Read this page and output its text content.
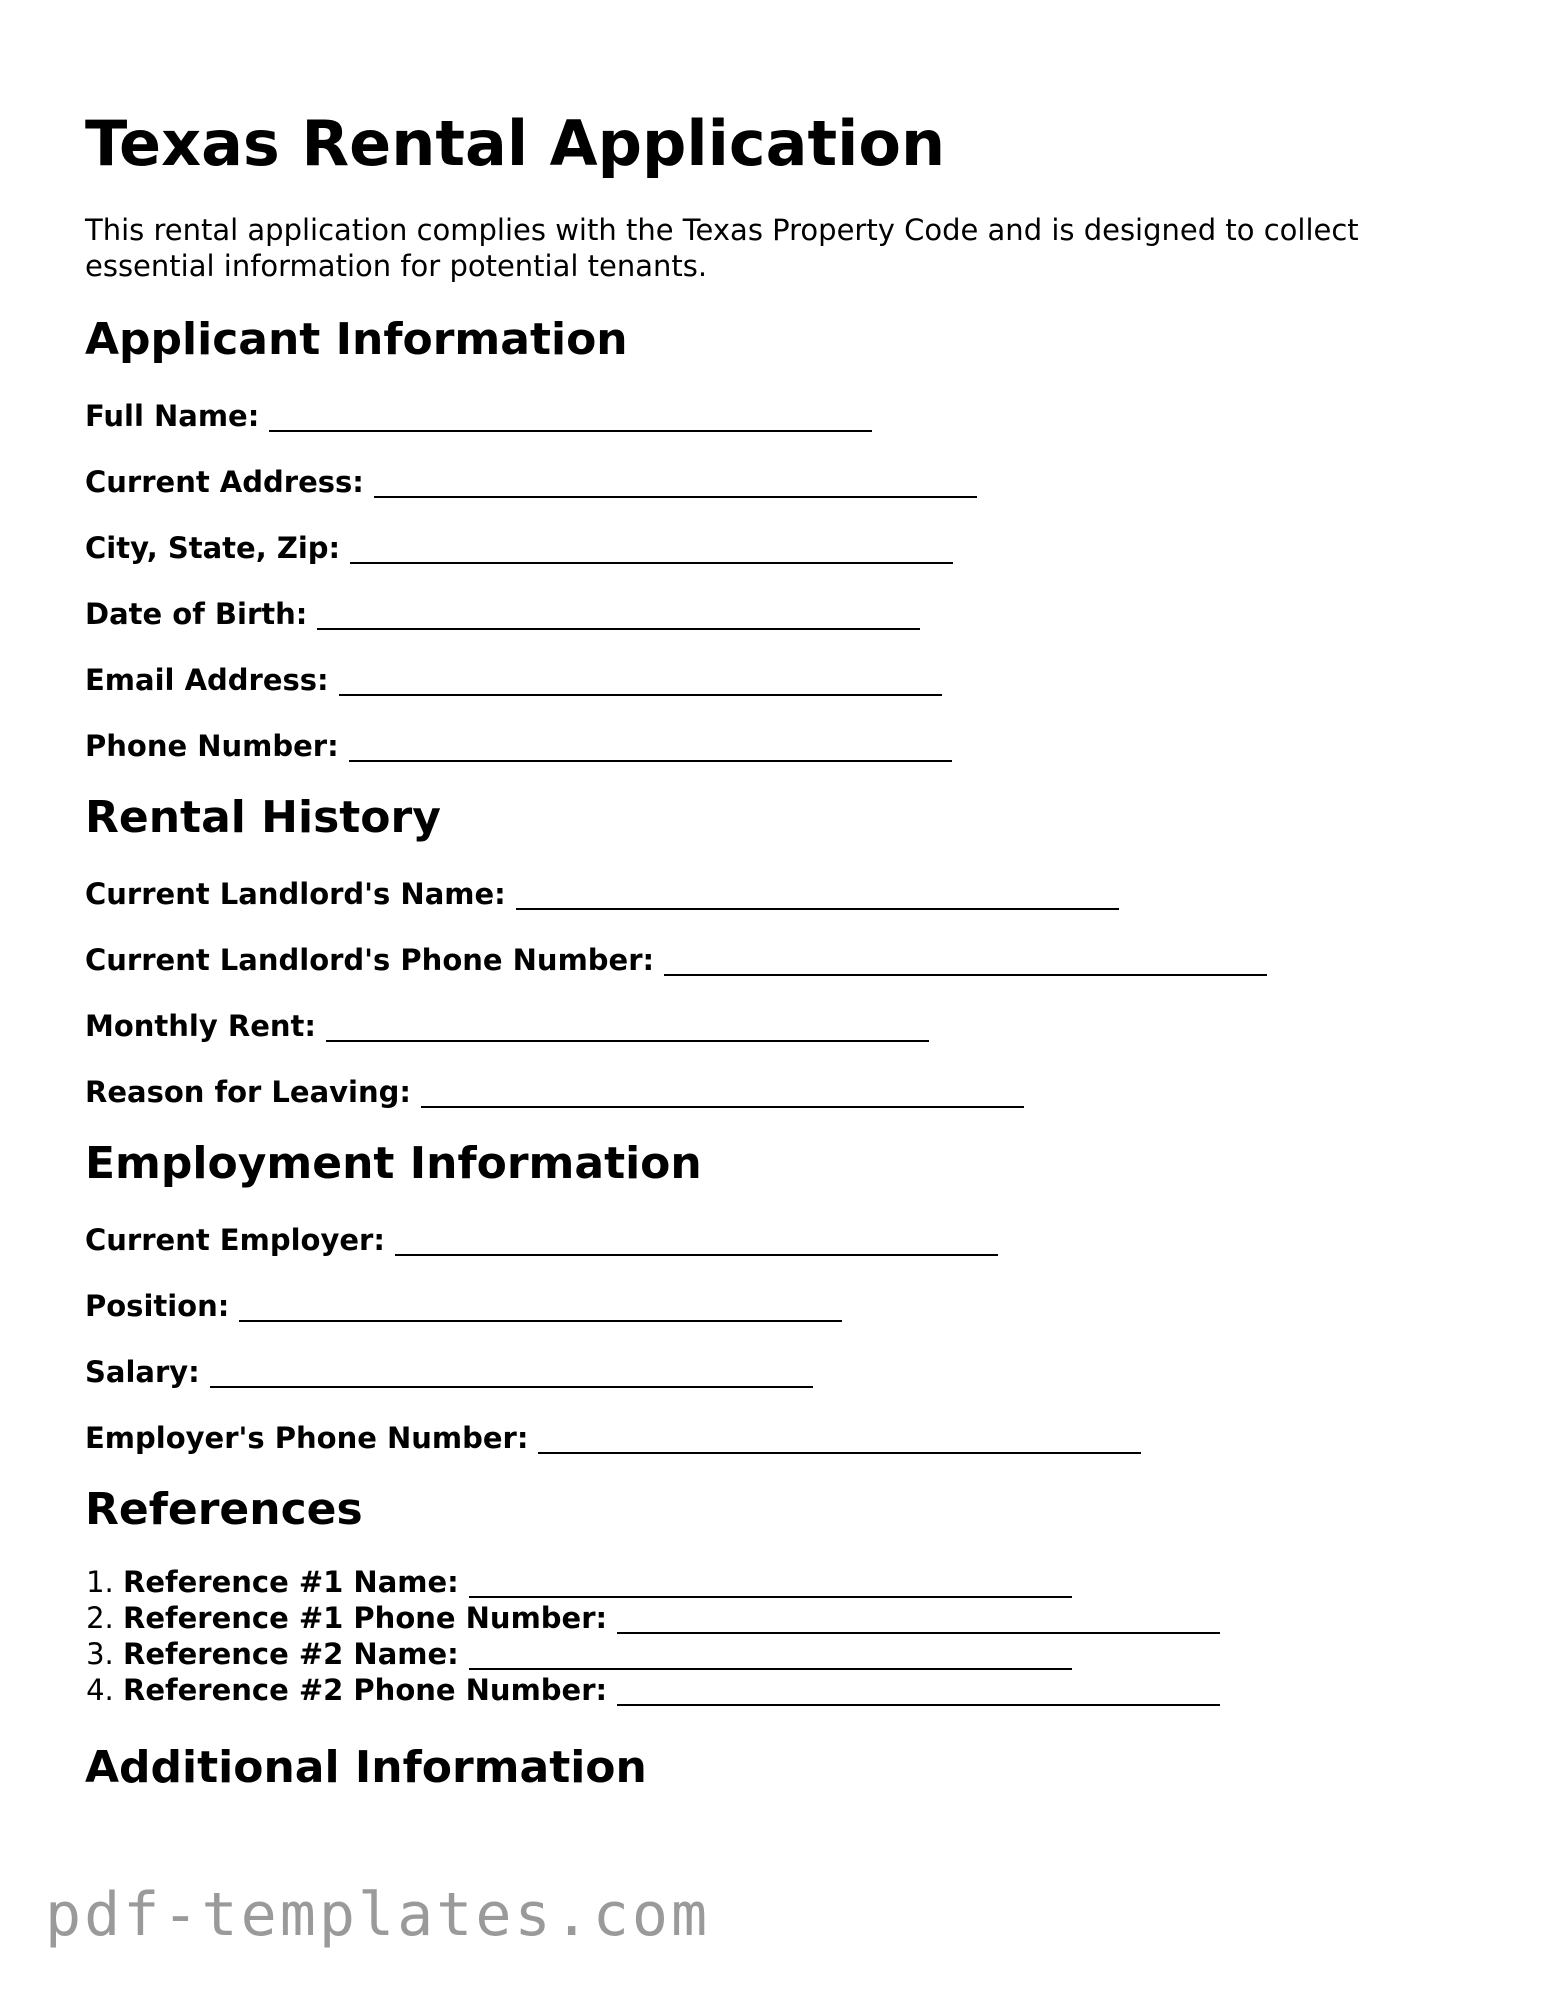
Texas Rental Application

This rental application complies with the Texas Property Code and is designed to collect essential information for potential tenants.

Applicant Information
Full Name:
Current Address:
City, State, Zip:
Date of Birth:
Email Address:
Phone Number:
Rental History
Current Landlord's Name:
Current Landlord's Phone Number:
Monthly Rent:
Reason for Leaving:
Employment Information
Current Employer:
Position:
Salary:
Employer's Phone Number:
References
1. Reference #1 Name:
2. Reference #1 Phone Number:
3. Reference #2 Name:
4. Reference #2 Phone Number:
Additional Information
pdf-templates.com
